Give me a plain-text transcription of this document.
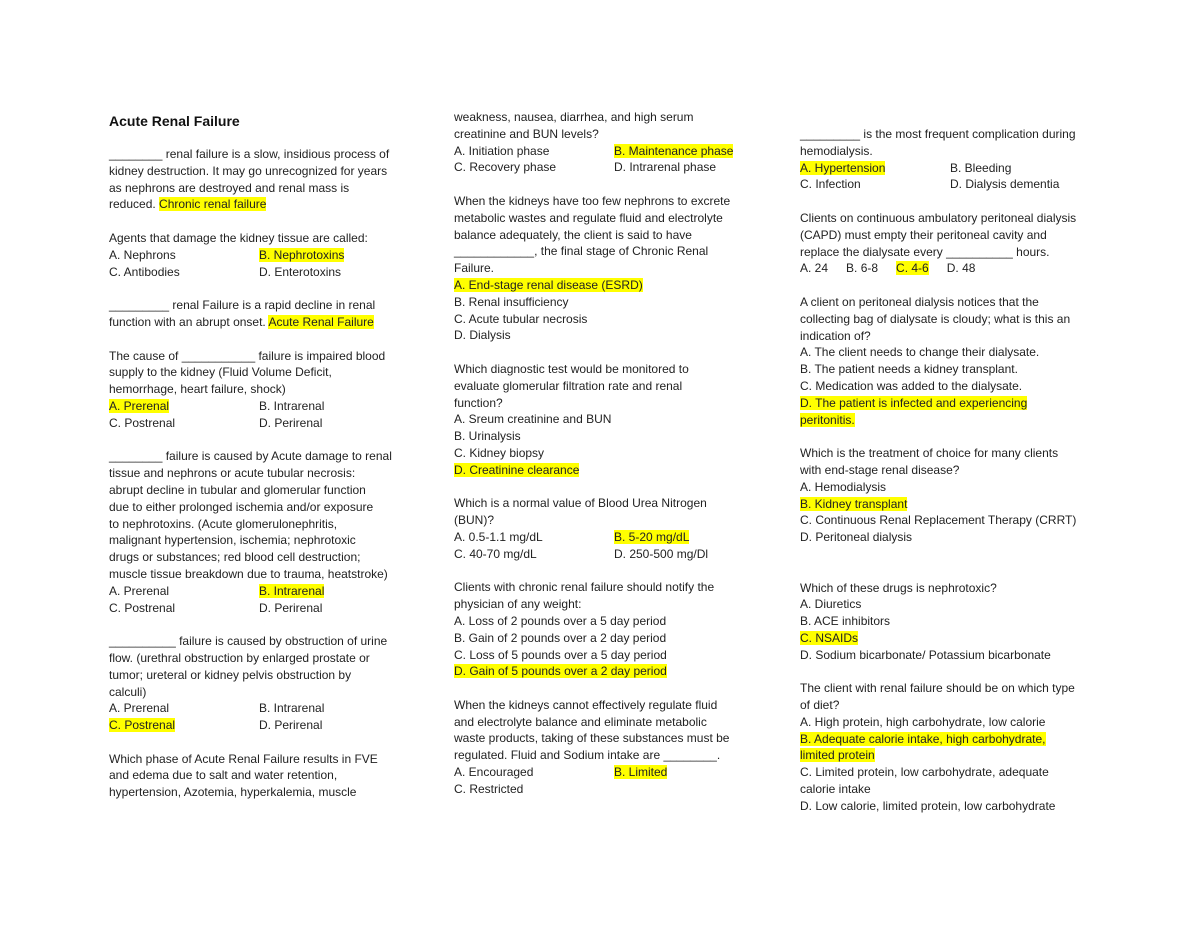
Acute Renal Failure

________ renal failure is a slow, insidious process of

kidney destruction. It may go unrecognized for years

as nephrons are destroyed and renal mass is

reduced. Chronic renal failure

Agents that damage the kidney tissue are called:

A. Nephrons	B. Nephrotoxins
C. Antibodies	D. Enterotoxins

_________ renal Failure is a rapid decline in renal

function with an abrupt onset. Acute Renal Failure

The cause of ___________ failure is impaired blood

supply to the kidney (Fluid Volume Deficit,

hemorrhage, heart failure, shock)

A. Prerenal	B. Intrarenal
C. Postrenal	D. Perirenal

________ failure is caused by Acute damage to renal

tissue and nephrons or acute tubular necrosis:

abrupt decline in tubular and glomerular function

due to either prolonged ischemia and/or exposure

to nephrotoxins. (Acute glomerulonephritis,

malignant hypertension, ischemia; nephrotoxic

drugs or substances; red blood cell destruction;

muscle tissue breakdown due to trauma, heatstroke)

A. Prerenal	B. Intrarenal
C. Postrenal	D. Perirenal

__________ failure is caused by obstruction of urine

flow. (urethral obstruction by enlarged prostate or

tumor; ureteral or kidney pelvis obstruction by

calculi)

A. Prerenal	B. Intrarenal
C. Postrenal	D. Perirenal

Which phase of Acute Renal Failure results in FVE

and edema due to salt and water retention,

hypertension, Azotemia, hyperkalemia, muscle

weakness, nausea, diarrhea, and high serum

creatinine and BUN levels?

A. Initiation phase	B. Maintenance phase
C. Recovery phase	D. Intrarenal phase

When the kidneys have too few nephrons to excrete

metabolic wastes and regulate fluid and electrolyte

balance adequately, the client is said to have

____________, the final stage of Chronic Renal

Failure.

A. End-stage renal disease (ESRD)

B. Renal insufficiency

C. Acute tubular necrosis

D. Dialysis

Which diagnostic test would be monitored to

evaluate glomerular filtration rate and renal

function?

A. Sreum creatinine and BUN

B. Urinalysis

C. Kidney biopsy

D. Creatinine clearance

Which is a normal value of Blood Urea Nitrogen

(BUN)?

A. 0.5-1.1 mg/dL	B. 5-20 mg/dL
C. 40-70 mg/dL	D. 250-500 mg/Dl

Clients with chronic renal failure should notify the

physician of any weight:

A. Loss of 2 pounds over a 5 day period

B. Gain of 2 pounds over a 2 day period

C. Loss of 5 pounds over a 5 day period

D. Gain of 5 pounds over a 2 day period

When the kidneys cannot effectively regulate fluid

and electrolyte balance and eliminate metabolic

waste products, taking of these substances must be

regulated. Fluid and Sodium intake are ________.

A. Encouraged	B. Limited

C. Restricted

_________ is the most frequent complication during

hemodialysis.

A. Hypertension	B. Bleeding
C. Infection	D. Dialysis dementia

Clients on continuous ambulatory peritoneal dialysis

(CAPD) must empty their peritoneal cavity and

replace the dialysate every __________ hours.

A. 24 B. 6-8 C. 4-6 D. 48

A client on peritoneal dialysis notices that the

collecting bag of dialysate is cloudy; what is this an

indication of?

A. The client needs to change their dialysate.

B. The patient needs a kidney transplant.

C. Medication was added to the dialysate.

D. The patient is infected and experiencing

peritonitis.

Which is the treatment of choice for many clients

with end-stage renal disease?

A. Hemodialysis

B. Kidney transplant

C. Continuous Renal Replacement Therapy (CRRT)

D. Peritoneal dialysis

Which of these drugs is nephrotoxic?

A. Diuretics

B. ACE inhibitors

C. NSAIDs

D. Sodium bicarbonate/ Potassium bicarbonate

The client with renal failure should be on which type

of diet?

A. High protein, high carbohydrate, low calorie

B. Adequate calorie intake, high carbohydrate,

limited protein

C. Limited protein, low carbohydrate, adequate

calorie intake

D. Low calorie, limited protein, low carbohydrate
